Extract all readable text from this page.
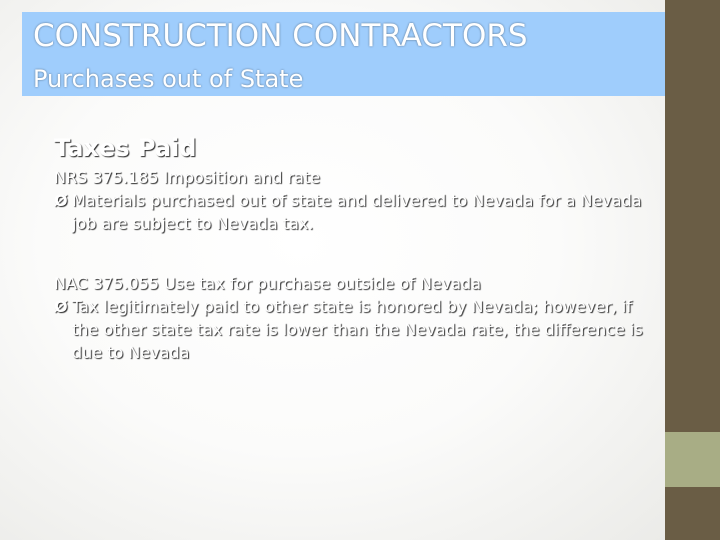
CONSTRUCTION CONTRACTORS
Purchases out of State
Taxes Paid
NRS 375.185 Imposition and rate
Ø Materials purchased out of state and delivered to Nevada for a Nevada job are subject to Nevada tax.
NAC 375.055 Use tax for purchase outside of Nevada
Ø Tax legitimately paid to other state is honored by Nevada; however, if the other state tax rate is lower than the Nevada rate, the difference is due to Nevada
